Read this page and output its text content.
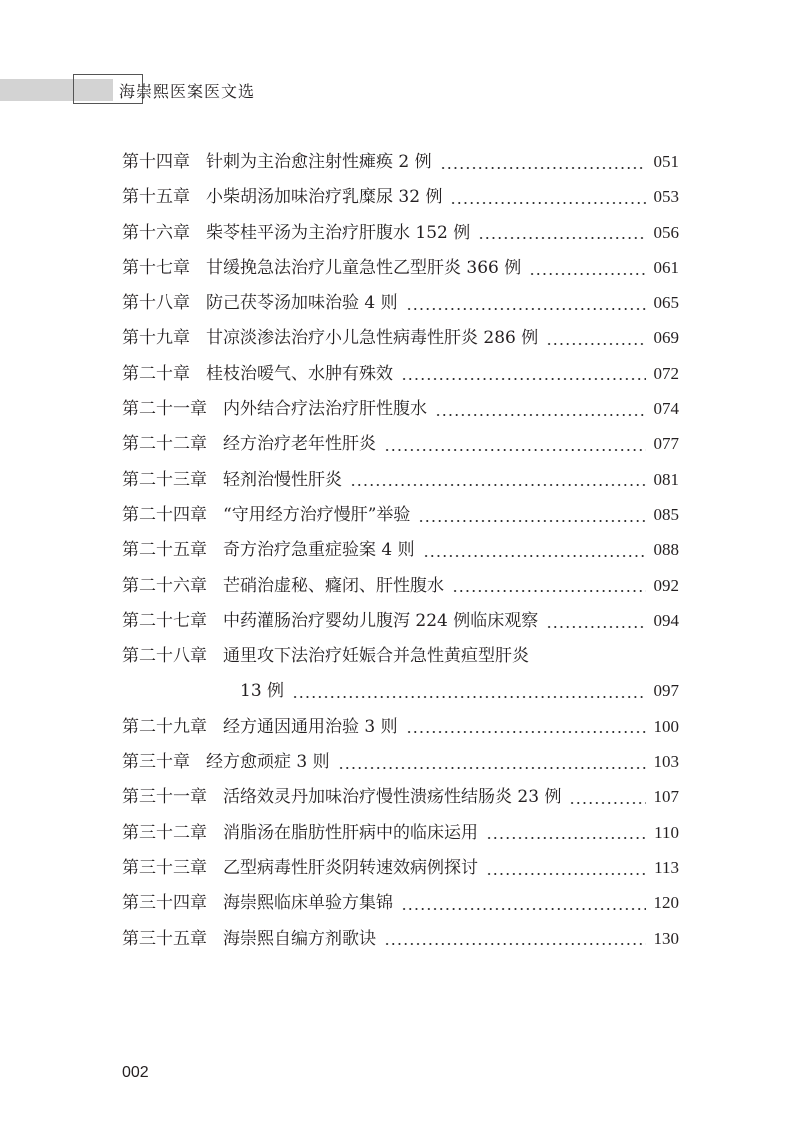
海崇熙医案医文选
第十四章 针刺为主治愈注射性瘫痪 2 例	051
第十五章 小柴胡汤加味治疗乳糜尿 32 例	053
第十六章 柴苓桂平汤为主治疗肝腹水 152 例	056
第十七章 甘缓挽急法治疗儿童急性乙型肝炎 366 例	061
第十八章 防己茯苓汤加味治验 4 则	065
第十九章 甘凉淡渗法治疗小儿急性病毒性肝炎 286 例	069
第二十章 桂枝治嗳气、水肿有殊效	072
第二十一章 内外结合疗法治疗肝性腹水	074
第二十二章 经方治疗老年性肝炎	077
第二十三章 轻剂治慢性肝炎	081
第二十四章 “守用经方治疗慢肝”举验	085
第二十五章 奇方治疗急重症验案 4 则	088
第二十六章 芒硝治虚秘、癃闭、肝性腹水	092
第二十七章 中药灌肠治疗婴幼儿腹泻 224 例临床观察	094
第二十八章 通里攻下法治疗妊娠合并急性黄疸型肝炎
13 例	097
第二十九章 经方通因通用治验 3 则	100
第三十章 经方愈顽症 3 则	103
第三十一章 活络效灵丹加味治疗慢性溃疡性结肠炎 23 例	107
第三十二章 消脂汤在脂肪性肝病中的临床运用	110
第三十三章 乙型病毒性肝炎阴转速效病例探讨	113
第三十四章 海崇熙临床单验方集锦	120
第三十五章 海崇熙自编方剂歌诀	130
002
